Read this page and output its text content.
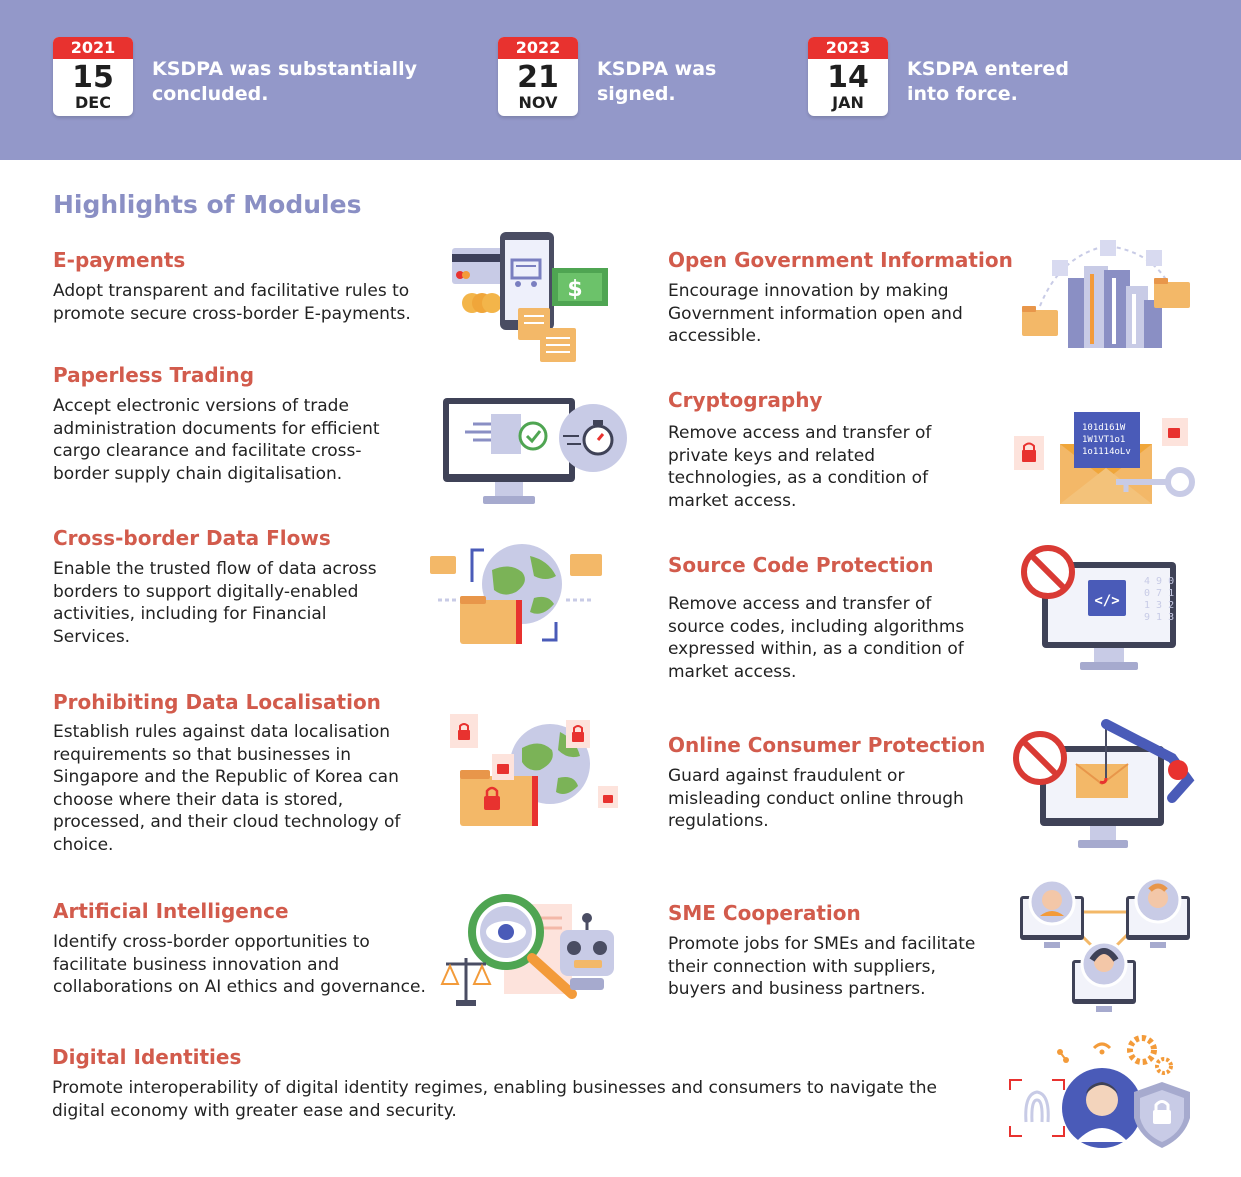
2021
15
DEC
KSDPA was substantially concluded.
2022
21
NOV
KSDPA was signed.
2023
14
JAN
KSDPA entered into force.
Highlights of Modules
E-payments
Adopt transparent and facilitative rules to promote secure cross-border E-payments.
Paperless Trading
Accept electronic versions of trade administration documents for efficient cargo clearance and facilitate cross-border supply chain digitalisation.
Cross-border Data Flows
Enable the trusted flow of data across borders to support digitally-enabled activities, including for Financial Services.
Prohibiting Data Localisation
Establish rules against data localisation requirements so that businesses in Singapore and the Republic of Korea can choose where their data is stored, processed, and their cloud technology of choice.
Artificial Intelligence
Identify cross-border opportunities to facilitate business innovation and collaborations on AI ethics and governance.
Open Government Information
Encourage innovation by making Government information open and accessible.
Cryptography
Remove access and transfer of private keys and related technologies, as a condition of market access.
Source Code Protection
Remove access and transfer of source codes, including algorithms expressed within, as a condition of market access.
Online Consumer Protection
Guard against fraudulent or misleading conduct online through regulations.
SME Cooperation
Promote jobs for SMEs and facilitate their connection with suppliers, buyers and business partners.
Digital Identities
Promote interoperability of digital identity regimes, enabling businesses and consumers to navigate the digital economy with greater ease and security.
$
101d161W
1W1VT1o1
1o1114oLv
4 9 0
0 7 1
1 3 2
9 1 3
</>
